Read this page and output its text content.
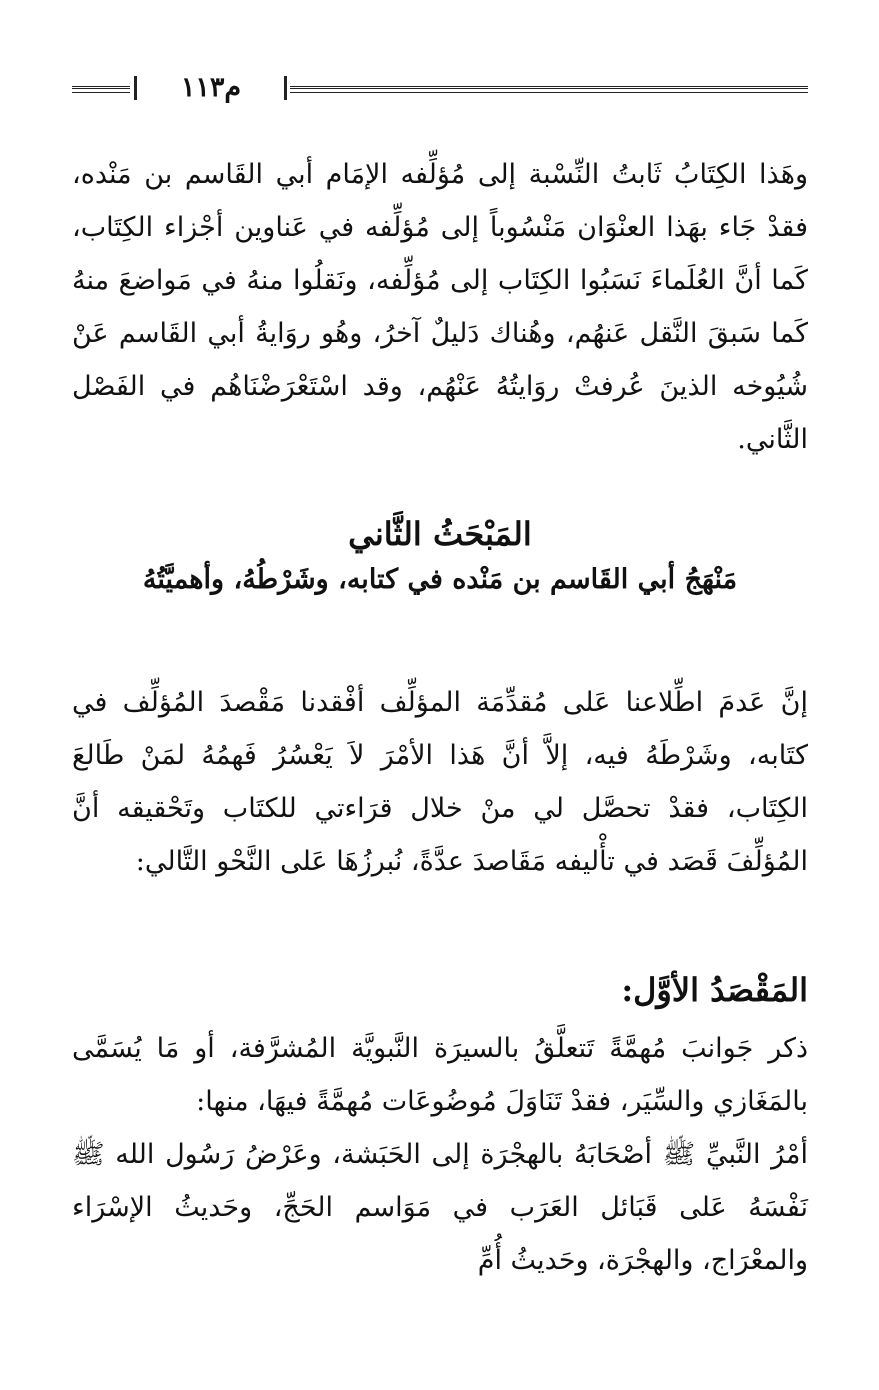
م١١٣

وهَذا الكِتَابُ ثَابتُ النِّسْبة إلى مُؤلِّفه الإمَام أبي القَاسم بن مَنْده، فقدْ جَاء بهَذا العنْوَان مَنْسُوباً إلى مُؤلِّفه في عَناوين أجْزاء الكِتَاب، كَما أنَّ العُلَماءَ نَسَبُوا الكِتَاب إلى مُؤلِّفه، ونَقلُوا منهُ في مَواضعَ منهُ كَما سَبقَ النَّقل عَنهُم، وهُناك دَليلٌ آخرُ، وهُو روَايةُ أبي القَاسم عَنْ شُيُوخه الذينَ عُرفتْ روَايتُهُ عَنْهُم، وقد اسْتَعْرَضْنَاهُم في الفَصْل الثَّاني.

المَبْحَثُ الثَّاني
مَنْهَجُ أبي القَاسم بن مَنْده في كتابه، وشَرْطُهُ، وأهميَّتُهُ

إنَّ عَدمَ اطِّلاعنا عَلى مُقدِّمَة المؤلِّف أفْقدنا مَقْصدَ المُؤلِّف في كتَابه، وشَرْطَهُ فيه، إلاَّ أنَّ هَذا الأمْرَ لاَ يَعْسُرُ فَهمُهُ لمَنْ طَالعَ الكِتَاب، فقدْ تحصَّل لي منْ خلال قرَاءتي للكتَاب وتَحْقيقه أنَّ المُؤلِّفَ قَصَد في تأْليفه مَقَاصدَ عدَّةً، نُبرزُهَا عَلى النَّحْو التَّالي:

المَقْصَدُ الأوَّل:

ذكر جَوانبَ مُهمَّةً تَتعلَّقُ بالسيرَة النَّبويَّة المُشرَّفة، أو مَا يُسَمَّى بالمَغَازي والسِّيَر، فقدْ تَنَاوَلَ مُوضُوعَات مُهمَّةً فيهَا، منها:

أمْرُ النَّبيِّ ﷺ أصْحَابَهُ بالهجْرَة إلى الحَبَشة، وعَرْضُ رَسُول الله ﷺ نَفْسَهُ عَلى قَبَائل العَرَب في مَوَاسم الحَجِّ، وحَديثُ الإسْرَاء والمعْرَاج، والهجْرَة، وحَديثُ أُمِّ
